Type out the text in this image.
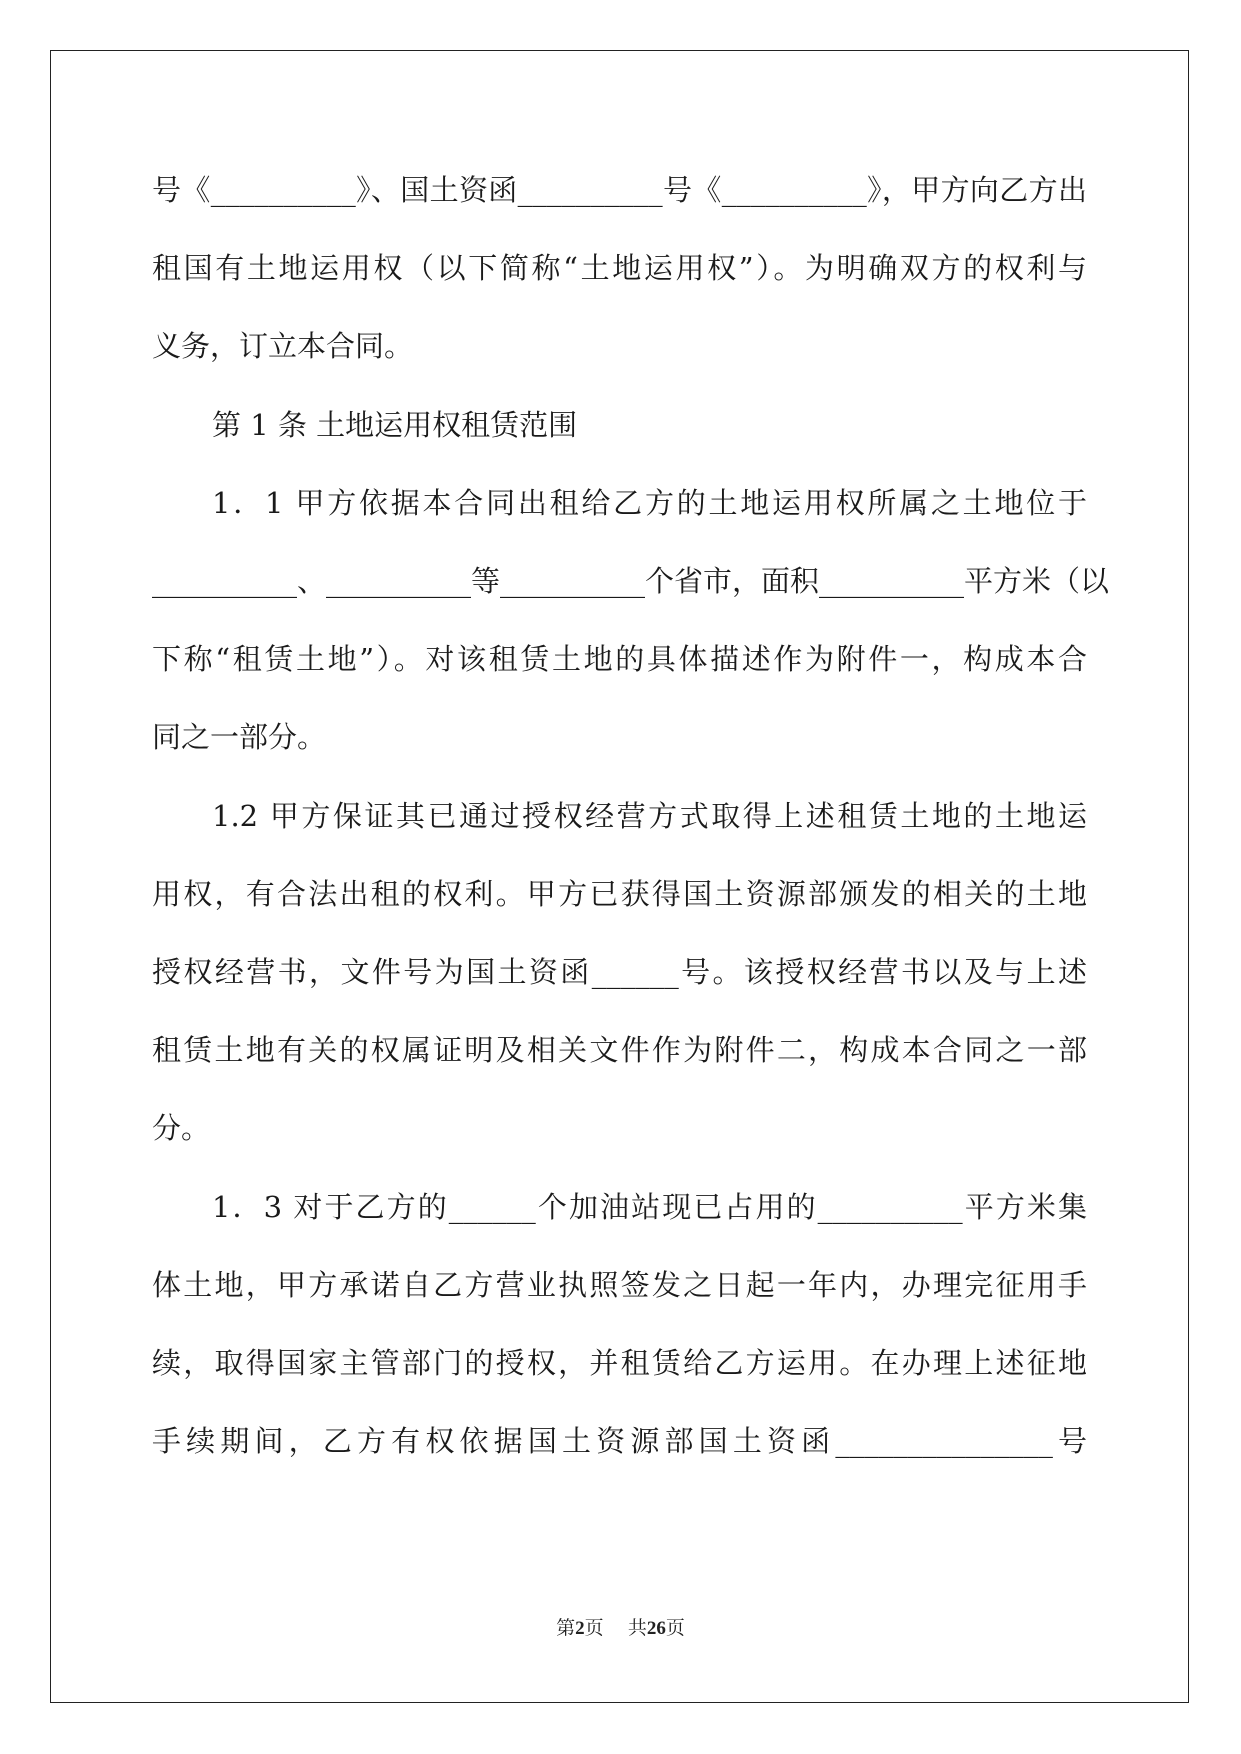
号《__________》、国土资函__________号《__________》，甲方向乙方出
租国有土地运用权（以下简称“土地运用权”）。为明确双方的权利与
义务，订立本合同。
第 1 条 土地运用权租赁范围
1．1 甲方依据本合同出租给乙方的土地运用权所属之土地位于
__________、__________等__________个省市，面积__________平方米（以
下称“租赁土地”）。对该租赁土地的具体描述作为附件一，构成本合
同之一部分。
1.2 甲方保证其已通过授权经营方式取得上述租赁土地的土地运
用权，有合法出租的权利。甲方已获得国土资源部颁发的相关的土地
授权经营书，文件号为国土资函______号。该授权经营书以及与上述
租赁土地有关的权属证明及相关文件作为附件二，构成本合同之一部
分。
1．3 对于乙方的______个加油站现已占用的__________平方米集
体土地，甲方承诺自乙方营业执照签发之日起一年内，办理完征用手
续，取得国家主管部门的授权，并租赁给乙方运用。在办理上述征地
手续期间，乙方有权依据国土资源部国土资函_______________号
第2页 共26页
